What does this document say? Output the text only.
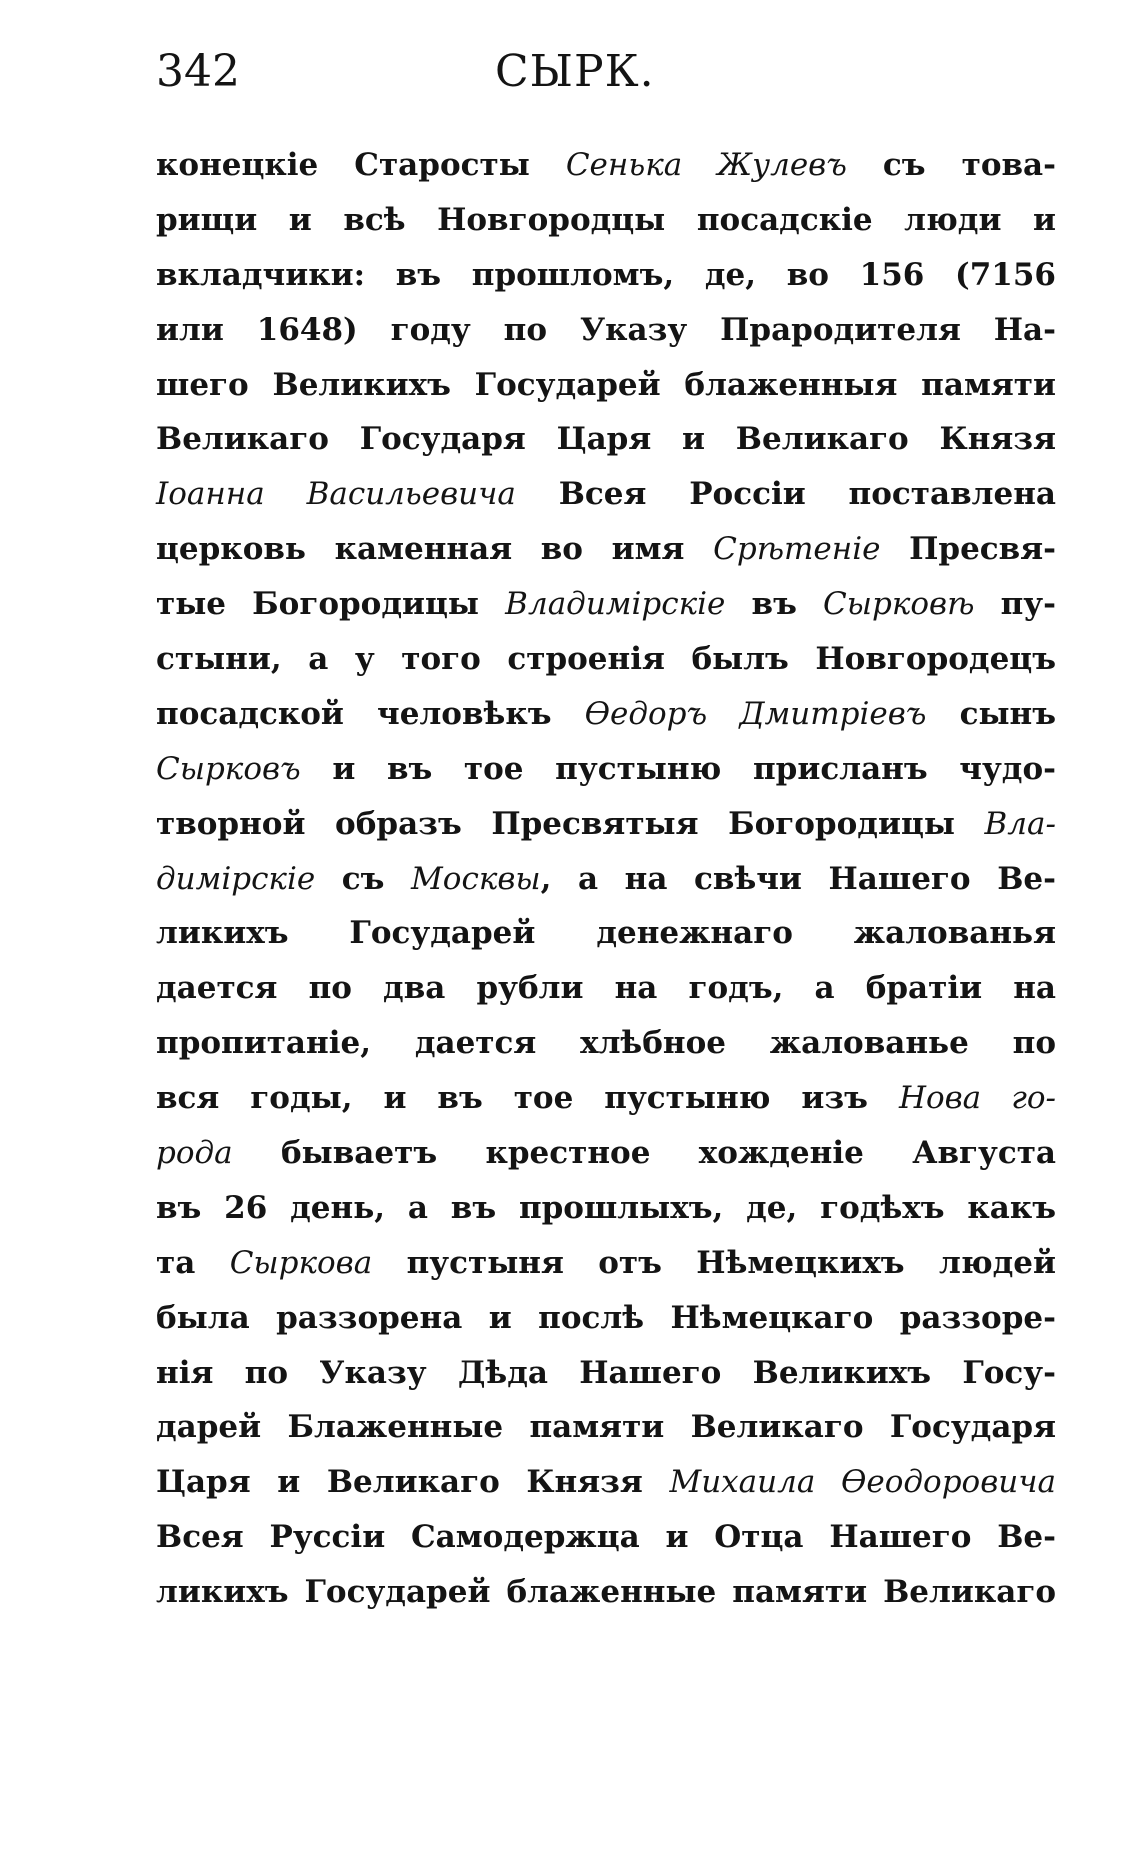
342	СЫРК.
конецкіе Старосты Сенька Жулевъ съ това-
рищи и всѣ Новгородцы посадскіе люди и
вкладчики: въ прошломъ, де, во 156 (7156
или 1648) году по Указу Прародителя На-
шего Великихъ Государей блаженныя памяти
Великаго Государя Царя и Великаго Князя
Іоанна Васильевича Всея Россіи поставлена
церковь каменная во имя Срѣтеніе Пресвя-
тые Богородицы Владимірскіе въ Сырковѣ пу-
стыни, а у того строенія былъ Новгородецъ
посадской человѣкъ Ѳедоръ Дмитріевъ сынъ
Сырковъ и въ тое пустыню присланъ чудо-
творной образъ Пресвятыя Богородицы Вла-
димірскіе съ Москвы, а на свѣчи Нашего Ве-
ликихъ Государей денежнаго жалованья
дается по два рубли на годъ, а братіи на
пропитаніе, дается хлѣбное жалованье по
вся годы, и въ тое пустыню изъ Нова го-
рода бываетъ крестное хожденіе Августа
въ 26 день, а въ прошлыхъ, де, годѣхъ какъ
та Сыркова пустыня отъ Нѣмецкихъ людей
была раззорена и послѣ Нѣмецкаго раззоре-
нія по Указу Дѣда Нашего Великихъ Госу-
дарей Блаженные памяти Великаго Государя
Царя и Великаго Князя Михаила Ѳеодоровича
Всея Руссіи Самодержца и Отца Нашего Ве-
ликихъ Государей блаженные памяти Великаго
